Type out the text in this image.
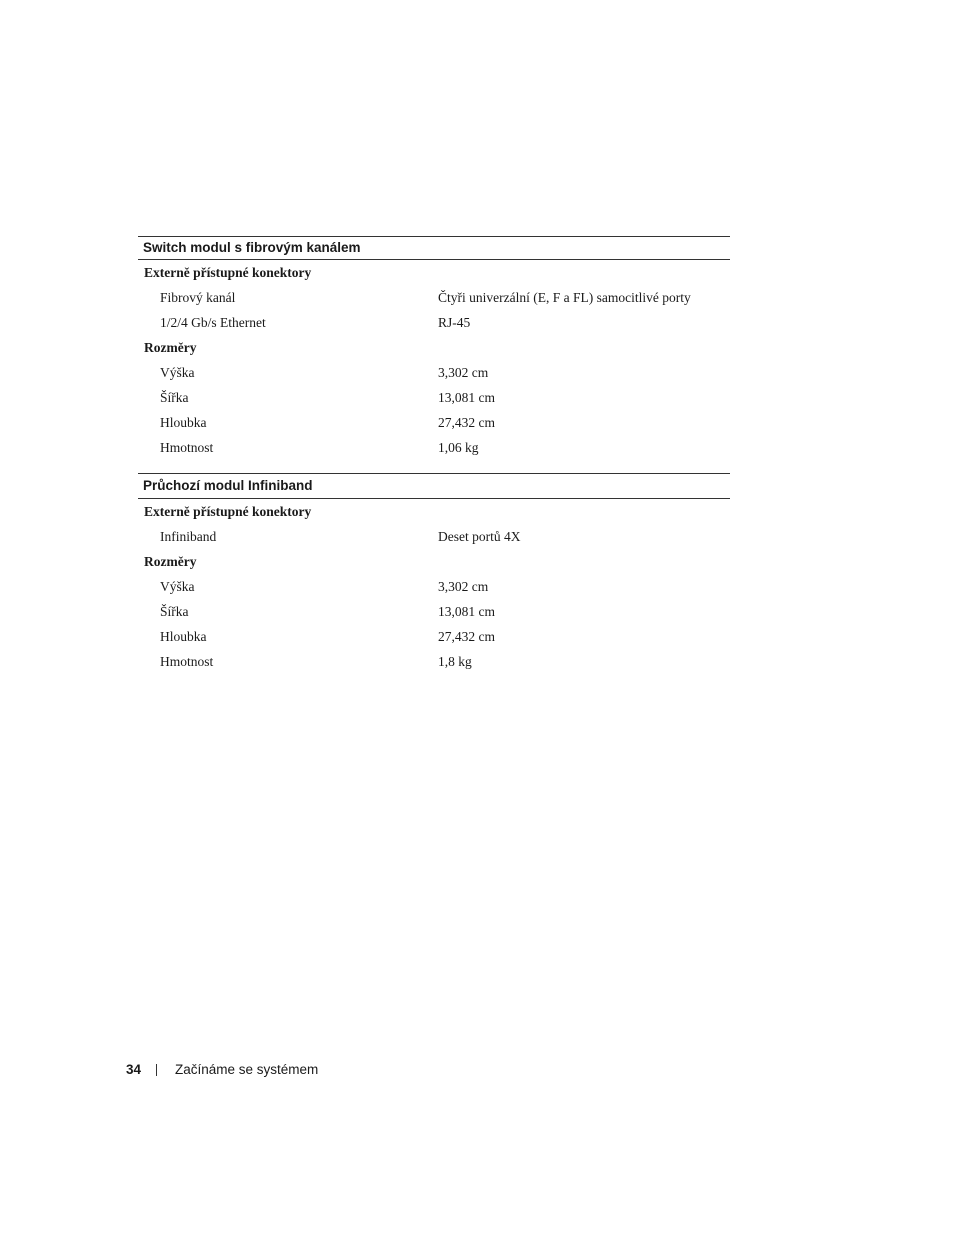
Switch modul s fibrovým kanálem
Externě přístupné konektory
Fibrový kanál	Čtyři univerzální (E, F a FL) samocitlivé porty
1/2/4 Gb/s Ethernet	RJ-45
Rozměry
Výška	3,302 cm
Šířka	13,081 cm
Hloubka	27,432 cm
Hmotnost	1,06 kg
Průchozí modul Infiniband
Externě přístupné konektory
Infiniband	Deset portů 4X
Rozměry
Výška	3,302 cm
Šířka	13,081 cm
Hloubka	27,432 cm
Hmotnost	1,8 kg
34	Začínáme se systémem
